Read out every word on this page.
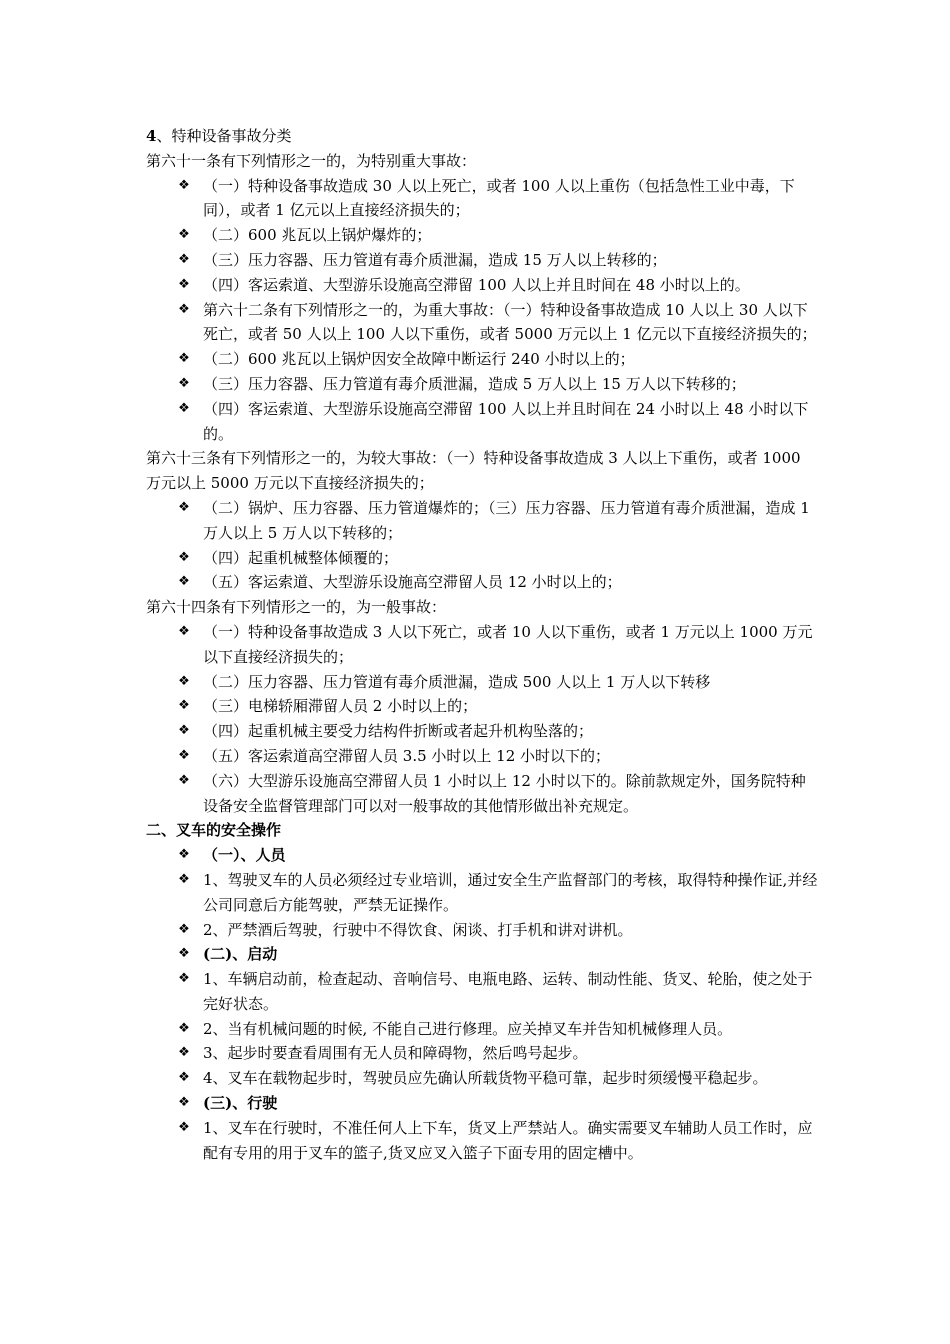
4、特种设备事故分类

第六十一条有下列情形之一的，为特别重大事故：

❖ （一）特种设备事故造成 30 人以上死亡，或者 100 人以上重伤（包括急性工业中毒，下同），或者 1 亿元以上直接经济损失的；
❖ （二）600 兆瓦以上锅炉爆炸的；
❖ （三）压力容器、压力管道有毒介质泄漏，造成 15 万人以上转移的；
❖ （四）客运索道、大型游乐设施高空滞留 100 人以上并且时间在 48 小时以上的。
❖ 第六十二条有下列情形之一的，为重大事故：（一）特种设备事故造成 10 人以上 30 人以下死亡，或者 50 人以上 100 人以下重伤，或者 5000 万元以上 1 亿元以下直接经济损失的；
❖ （二）600 兆瓦以上锅炉因安全故障中断运行 240 小时以上的；
❖ （三）压力容器、压力管道有毒介质泄漏，造成 5 万人以上 15 万人以下转移的；
❖ （四）客运索道、大型游乐设施高空滞留 100 人以上并且时间在 24 小时以上 48 小时以下的。

第六十三条有下列情形之一的，为较大事故：（一）特种设备事故造成 3 人以上下重伤，或者 1000 万元以上 5000 万元以下直接经济损失的；

❖ （二）锅炉、压力容器、压力管道爆炸的；（三）压力容器、压力管道有毒介质泄漏，造成 1 万人以上 5 万人以下转移的；
❖ （四）起重机械整体倾覆的；
❖ （五）客运索道、大型游乐设施高空滞留人员 12 小时以上的；

第六十四条有下列情形之一的，为一般事故：

❖ （一）特种设备事故造成 3 人以下死亡，或者 10 人以下重伤，或者 1 万元以上 1000 万元以下直接经济损失的；
❖ （二）压力容器、压力管道有毒介质泄漏，造成 500 人以上 1 万人以下转移
❖ （三）电梯轿厢滞留人员 2 小时以上的；
❖ （四）起重机械主要受力结构件折断或者起升机构坠落的；
❖ （五）客运索道高空滞留人员 3.5 小时以上 12 小时以下的；
❖ （六）大型游乐设施高空滞留人员 1 小时以上 12 小时以下的。除前款规定外，国务院特种设备安全监督管理部门可以对一般事故的其他情形做出补充规定。

二、叉车的安全操作

❖ （一）、人员
❖ 1、驾驶叉车的人员必须经过专业培训，通过安全生产监督部门的考核，取得特种操作证,并经公司同意后方能驾驶，严禁无证操作。
❖ 2、严禁酒后驾驶，行驶中不得饮食、闲谈、打手机和讲对讲机。
❖ (二)、启动
❖ 1、车辆启动前，检查起动、音响信号、电瓶电路、运转、制动性能、货叉、轮胎，使之处于完好状态。
❖ 2、当有机械问题的时候, 不能自己进行修理。应关掉叉车并告知机械修理人员。
❖ 3、起步时要查看周围有无人员和障碍物，然后鸣号起步。
❖ 4、叉车在载物起步时，驾驶员应先确认所载货物平稳可靠，起步时须缓慢平稳起步。
❖ (三)、行驶
❖ 1、叉车在行驶时，不准任何人上下车，货叉上严禁站人。确实需要叉车辅助人员工作时，应配有专用的用于叉车的篮子,货叉应叉入篮子下面专用的固定槽中。
